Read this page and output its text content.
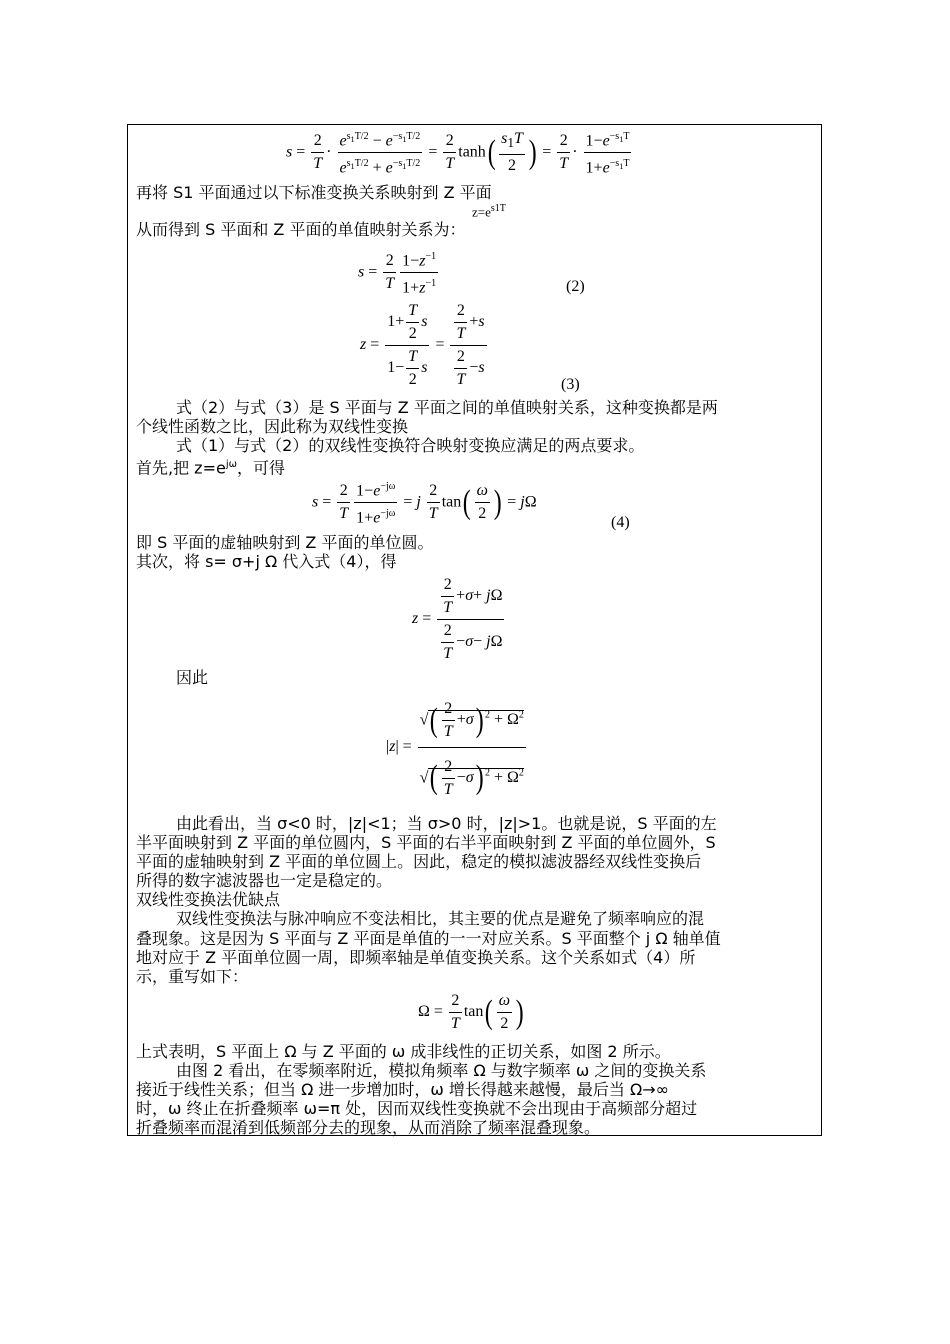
$s = \frac{2}{T} \cdot \frac{e^{s_1T/2} - e^{-s_1T/2}}{e^{s_1T/2} + e^{-s_1T/2}} = \frac{2}{T} \tanh( \frac{s_1T}{2}$ ) = $\frac{2}{T} \cdot \frac{1-e^{-s_1T}}{1+e^{-s_1T}}$
再将 S1 平面通过以下标准变换关系映射到 Z 平面
$z=e^{s1T}$
从而得到 S 平面和 Z 平面的单值映射关系为：
$s = \frac{2}{T} \frac{1-z^{-1}}{1+z^{-1}}$	(2)
$z = \frac{1+ \frac{T}{2} s}{1- \frac{T}{2} s} = \frac{\frac{2}{T} +s}{\frac{2}{T} -s}$	(3)
式（2）与式（3）是 S 平面与 Z 平面之间的单值映射关系，这种变换都是两
个线性函数之比，因此称为双线性变换
式（1）与式（2）的双线性变换符合映射变换应满足的两点要求。
首先,把 $z=e^{j\omega}$，可得
$s = \frac{2}{T} \frac{1-e^{-j\omega}}{1+e^{-j\omega}} = j \frac{2}{T} \tan( \frac{\omega}{2}$ ) = jΩ
(4)
即 S 平面的虚轴映射到 Z 平面的单位圆。
其次，将 s= σ+j Ω 代入式（4），得
$z = \frac{\frac{2}{T} +\sigma+ j\Omega}{\frac{2}{T} -\sigma- j\Omega}$
因此
$|z| = \frac{√( \frac{2}{T} +\sigma) ^2 + \Omega^2}{√( \frac{2}{T} -\sigma) ^2 + \Omega^2}$
由此看出，当 σ<0 时，|z|<1；当 σ>0 时，|z|>1。也就是说，S 平面的左
半平面映射到 Z 平面的单位圆内，S 平面的右半平面映射到 Z 平面的单位圆外，S
平面的虚轴映射到 Z 平面的单位圆上。因此，稳定的模拟滤波器经双线性变换后
所得的数字滤波器也一定是稳定的。
双线性变换法优缺点
双线性变换法与脉冲响应不变法相比，其主要的优点是避免了频率响应的混
叠现象。这是因为 S 平面与 Z 平面是单值的一一对应关系。S 平面整个 j Ω 轴单值
地对应于 Z 平面单位圆一周，即频率轴是单值变换关系。这个关系如式（4）所
示，重写如下：
$\Omega = \frac{2}{T} \tan( \frac{\omega}{2}$ )
上式表明，S 平面上 Ω 与 Z 平面的 ω 成非线性的正切关系，如图 2 所示。
由图 2 看出，在零频率附近，模拟角频率 Ω 与数字频率 ω 之间的变换关系
接近于线性关系；但当 Ω 进一步增加时，ω 增长得越来越慢，最后当 Ω→∞
时，ω 终止在折叠频率 ω=π 处，因而双线性变换就不会出现由于高频部分超过
折叠频率而混淆到低频部分去的现象，从而消除了频率混叠现象。
